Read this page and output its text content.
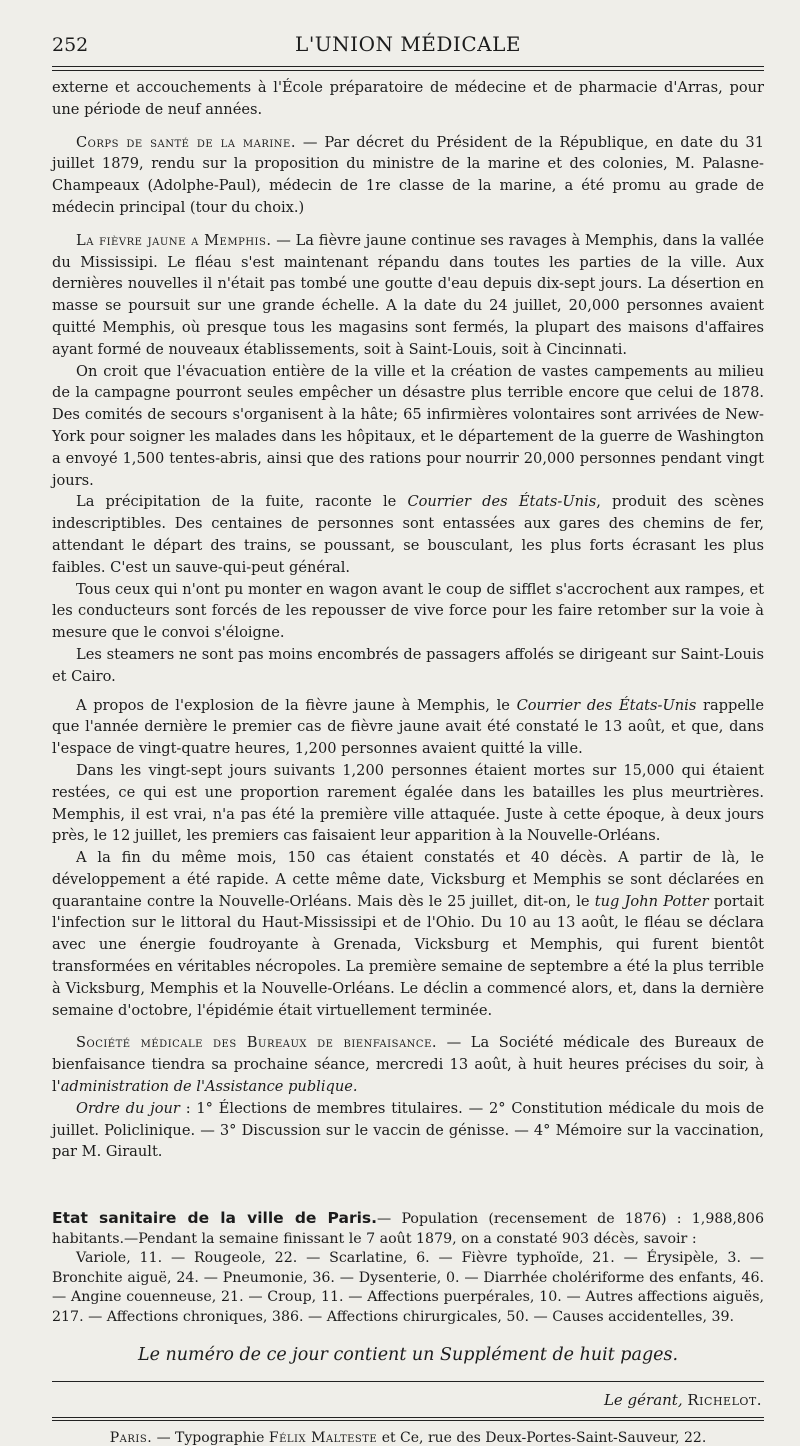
252	L'UNION MÉDICALE

externe et accouchements à l'École préparatoire de médecine et de pharmacie d'Arras, pour une période de neuf années.

Corps de santé de la marine. — Par décret du Président de la République, en date du 31 juillet 1879, rendu sur la proposition du ministre de la marine et des colonies, M. Palasne-Champeaux (Adolphe-Paul), médecin de 1re classe de la marine, a été promu au grade de médecin principal (tour du choix.)

La fièvre jaune a Memphis. — La fièvre jaune continue ses ravages à Memphis, dans la vallée du Mississipi. Le fléau s'est maintenant répandu dans toutes les parties de la ville. Aux dernières nouvelles il n'était pas tombé une goutte d'eau depuis dix-sept jours. La désertion en masse se poursuit sur une grande échelle. A la date du 24 juillet, 20,000 personnes avaient quitté Memphis, où presque tous les magasins sont fermés, la plupart des maisons d'affaires ayant formé de nouveaux établissements, soit à Saint-Louis, soit à Cincinnati.

On croit que l'évacuation entière de la ville et la création de vastes campements au milieu de la campagne pourront seules empêcher un désastre plus terrible encore que celui de 1878. Des comités de secours s'organisent à la hâte; 65 infirmières volontaires sont arrivées de New-York pour soigner les malades dans les hôpitaux, et le département de la guerre de Washington a envoyé 1,500 tentes-abris, ainsi que des rations pour nourrir 20,000 personnes pendant vingt jours.

La précipitation de la fuite, raconte le Courrier des États-Unis, produit des scènes indescriptibles. Des centaines de personnes sont entassées aux gares des chemins de fer, attendant le départ des trains, se poussant, se bousculant, les plus forts écrasant les plus faibles. C'est un sauve-qui-peut général.

Tous ceux qui n'ont pu monter en wagon avant le coup de sifflet s'accrochent aux rampes, et les conducteurs sont forcés de les repousser de vive force pour les faire retomber sur la voie à mesure que le convoi s'éloigne.

Les steamers ne sont pas moins encombrés de passagers affolés se dirigeant sur Saint-Louis et Cairo.

A propos de l'explosion de la fièvre jaune à Memphis, le Courrier des États-Unis rappelle que l'année dernière le premier cas de fièvre jaune avait été constaté le 13 août, et que, dans l'espace de vingt-quatre heures, 1,200 personnes avaient quitté la ville.

Dans les vingt-sept jours suivants 1,200 personnes étaient mortes sur 15,000 qui étaient restées, ce qui est une proportion rarement égalée dans les batailles les plus meurtrières. Memphis, il est vrai, n'a pas été la première ville attaquée. Juste à cette époque, à deux jours près, le 12 juillet, les premiers cas faisaient leur apparition à la Nouvelle-Orléans.

A la fin du même mois, 150 cas étaient constatés et 40 décès. A partir de là, le développement a été rapide. A cette même date, Vicksburg et Memphis se sont déclarées en quarantaine contre la Nouvelle-Orléans. Mais dès le 25 juillet, dit-on, le tug John Potter portait l'infection sur le littoral du Haut-Mississipi et de l'Ohio. Du 10 au 13 août, le fléau se déclara avec une énergie foudroyante à Grenada, Vicksburg et Memphis, qui furent bientôt transformées en véritables nécropoles. La première semaine de septembre a été la plus terrible à Vicksburg, Memphis et la Nouvelle-Orléans. Le déclin a commencé alors, et, dans la dernière semaine d'octobre, l'épidémie était virtuellement terminée.

Société médicale des Bureaux de bienfaisance. — La Société médicale des Bureaux de bienfaisance tiendra sa prochaine séance, mercredi 13 août, à huit heures précises du soir, à l'administration de l'Assistance publique.

Ordre du jour : 1° Élections de membres titulaires. — 2° Constitution médicale du mois de juillet. Policlinique. — 3° Discussion sur le vaccin de génisse. — 4° Mémoire sur la vaccination, par M. Girault.

Etat sanitaire de la ville de Paris.— Population (recensement de 1876) : 1,988,806 habitants.—Pendant la semaine finissant le 7 août 1879, on a constaté 903 décès, savoir :

Variole, 11. — Rougeole, 22. — Scarlatine, 6. — Fièvre typhoïde, 21. — Érysipèle, 3. — Bronchite aiguë, 24. — Pneumonie, 36. — Dysenterie, 0. — Diarrhée cholériforme des enfants, 46. — Angine couenneuse, 21. — Croup, 11. — Affections puerpérales, 10. — Autres affections aiguës, 217. — Affections chroniques, 386. — Affections chirurgicales, 50. — Causes accidentelles, 39.

Le numéro de ce jour contient un Supplément de huit pages.
Le gérant, Richelot.
Paris. — Typographie Félix Malteste et Ce, rue des Deux-Portes-Saint-Sauveur, 22.
